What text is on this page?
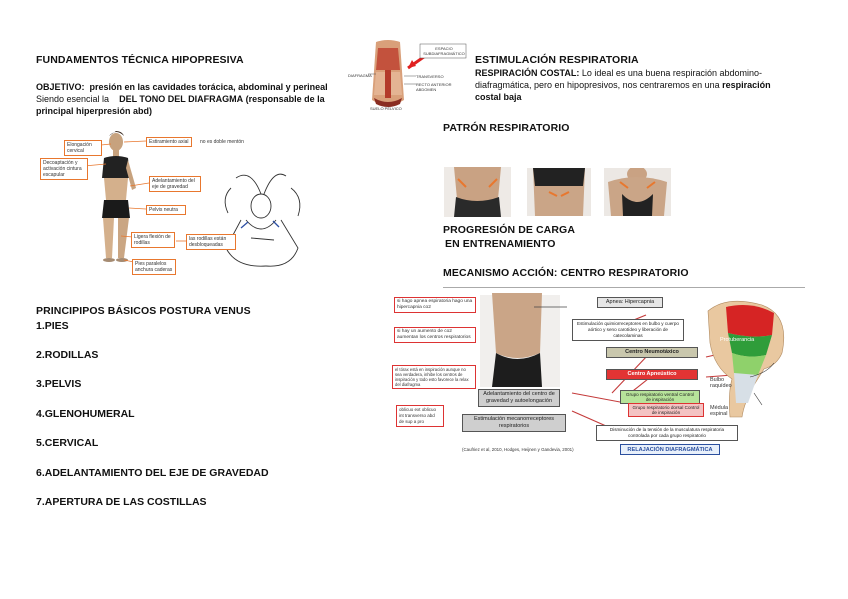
FUNDAMENTOS TÉCNICA HIPOPRESIVA
OBJETIVO: presión en las cavidades torácica, abdominal y perineal
Siendo esencial la DEL TONO DEL DIAFRAGMA (responsable de la
principal hiperpresión abd)
Elongación cervical
Decoaptación y activación cintura escapular
Estiramiento axial	no es doble mentón
Adelantamiento del eje de gravedad
Pelvis neutra
Ligera flexión de rodillas
las rodillas están desbloqueadas
Pies paralelos anchura caderas
PRINCIPIPOS BÁSICOS POSTURA VENUS
1.PIES
2.RODILLAS
3.PELVIS
4.GLENOHUMERAL
5.CERVICAL
6.ADELANTAMIENTO DEL EJE DE GRAVEDAD
7.APERTURA DE LAS COSTILLAS
ESPACIO SUBDIAFRAGMÁTICO
DIAFRAGMA	TRANSVERSO
RECTO ANTERIOR ABDOMEN
SUELO PÉLVICO
ESTIMULACIÓN RESPIRATORIA
RESPIRACIÓN COSTAL: Lo ideal es una buena respiración abdomino-
diafragmática, pero en hipopresivos, nos centraremos en una respiración
costal baja
PATRÓN RESPIRATORIO
PROGRESIÓN DE CARGA
EN ENTRENAMIENTO
MECANISMO ACCIÓN: CENTRO RESPIRATORIO
si hago apnea espiratoria hago una hipercapnia co2
si hay un aumento de co2 aumentan los centros respiratorios
el tórax está en inspiración aunque no sea verdadera, inhibe los centros de inspiración y todo esto favorece la relax del diafragma
oblicuo ext oblicuo int transverso abd de sup a pro
Apnea: Hipercapnia
Estimulación quimiorreceptores en bulbo y cuerpo aórtico y seno carotídeo y liberación de catecolaminas
Centro Neumotáxico
Centro Apneústico
Grupo respiratorio ventral Control de inspiración
Grupo respiratorio dorsal Control de inspiración
Adelantamiento del centro de gravedad y autoelongación
Estimulación mecanorreceptores respiratorios
Disminución de la tensión de la musculatura respiratoria controlada por cada grupo respiratorio
Protuberancia
Bulbo raquídeo
Médula espinal
(Caufriez et al, 2010, Hodges, Heijnen y Gandevia, 2001)	RELAJACIÓN DIAFRAGMÁTICA
